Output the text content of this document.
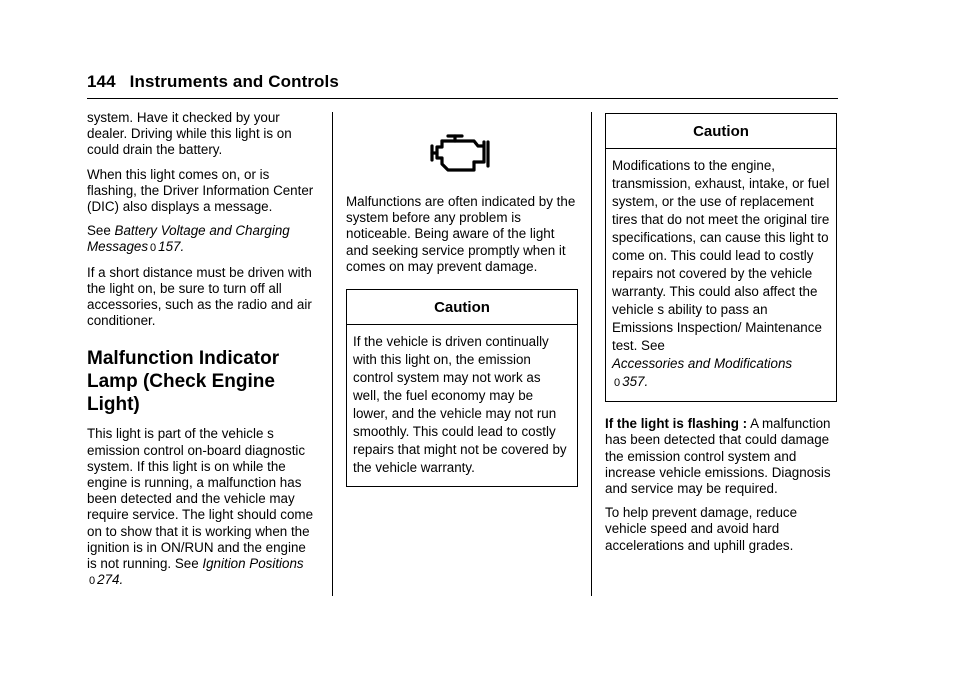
144 Instruments and Controls

system. Have it checked by your dealer. Driving while this light is on could drain the battery.

When this light comes on, or is flashing, the Driver Information Center (DIC) also displays a message.

See Battery Voltage and Charging Messages 0 157.

If a short distance must be driven with the light on, be sure to turn off all accessories, such as the radio and air conditioner.

Malfunction Indicator Lamp (Check Engine Light)

This light is part of the vehicle s emission control on-board diagnostic system. If this light is on while the engine is running, a malfunction has been detected and the vehicle may require service. The light should come on to show that it is working when the ignition is in ON/RUN and the engine is not running. See Ignition Positions
0 274.

Malfunctions are often indicated by the system before any problem is noticeable. Being aware of the light and seeking service promptly when it comes on may prevent damage.

Caution
If the vehicle is driven continually with this light on, the emission control system may not work as well, the fuel economy may be lower, and the vehicle may not run smoothly. This could lead to costly repairs that might not be covered by the vehicle warranty.
Caution
Modifications to the engine, transmission, exhaust, intake, or fuel system, or the use of replacement tires that do not meet the original tire specifications, can cause this light to come on. This could lead to costly repairs not covered by the vehicle warranty. This could also affect the vehicle s ability to pass an Emissions Inspection/ Maintenance test. See
Accessories and Modifications
0 357.

If the light is flashing : A malfunction has been detected that could damage the emission control system and increase vehicle emissions. Diagnosis and service may be required.

To help prevent damage, reduce vehicle speed and avoid hard accelerations and uphill grades.
